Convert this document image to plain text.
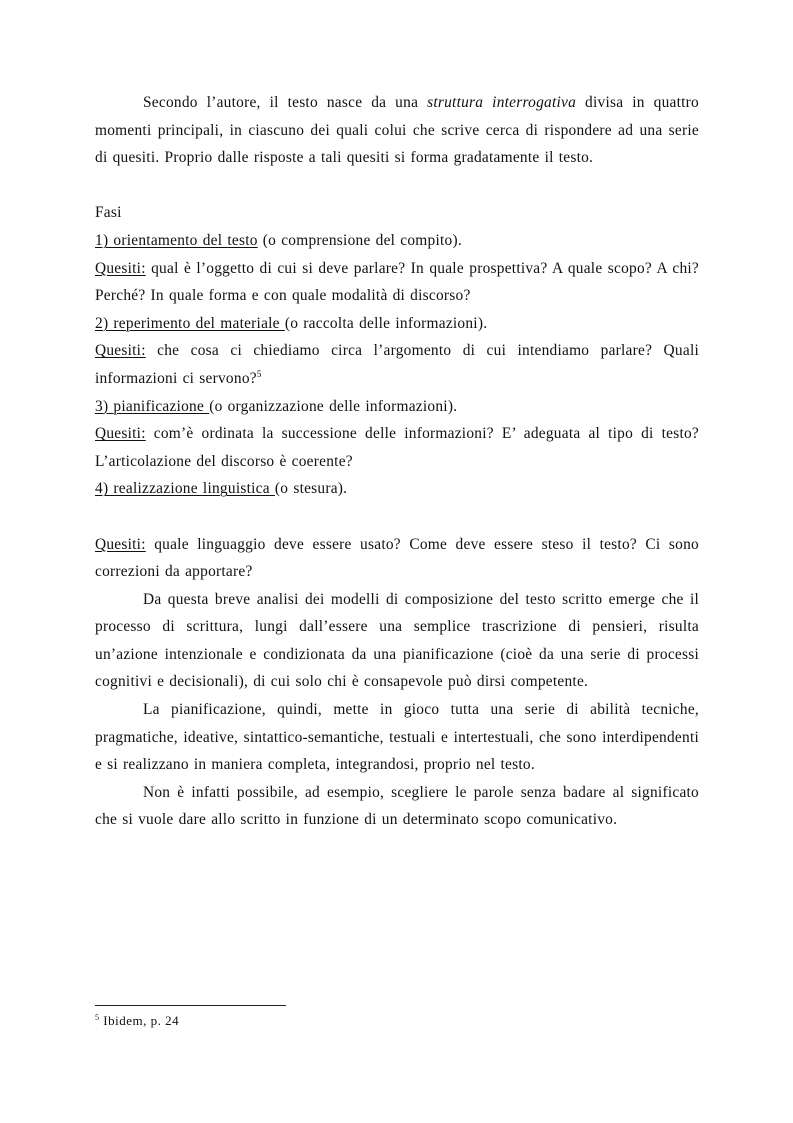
Secondo l’autore, il testo nasce da una struttura interrogativa divisa in quattro momenti principali, in ciascuno dei quali colui che scrive cerca di rispondere ad una serie di quesiti. Proprio dalle risposte a tali quesiti si forma gradatamente il testo.

Fasi

1) orientamento del testo (o comprensione del compito).

Quesiti: qual è l’oggetto di cui si deve parlare? In quale prospettiva? A quale scopo? A chi? Perché? In quale forma e con quale modalità di discorso?

2) reperimento del materiale (o raccolta delle informazioni).

Quesiti: che cosa ci chiediamo circa l’argomento di cui intendiamo parlare? Quali informazioni ci servono?$^5$

3) pianificazione (o organizzazione delle informazioni).

Quesiti: com’è ordinata la successione delle informazioni? E’ adeguata al tipo di testo? L’articolazione del discorso è coerente?

4) realizzazione linguistica (o stesura).

Quesiti: quale linguaggio deve essere usato? Come deve essere steso il testo? Ci sono correzioni da apportare?

Da questa breve analisi dei modelli di composizione del testo scritto emerge che il processo di scrittura, lungi dall’essere una semplice trascrizione di pensieri, risulta un’azione intenzionale e condizionata da una pianificazione (cioè da una serie di processi cognitivi e decisionali), di cui solo chi è consapevole può dirsi competente.

La pianificazione, quindi, mette in gioco tutta una serie di abilità tecniche, pragmatiche, ideative, sintattico-semantiche, testuali e intertestuali, che sono interdipendenti e si realizzano in maniera completa, integrandosi, proprio nel testo.

Non è infatti possibile, ad esempio, scegliere le parole senza badare al significato che si vuole dare allo scritto in funzione di un determinato scopo comunicativo.

$^5$ Ibidem, p. 24
